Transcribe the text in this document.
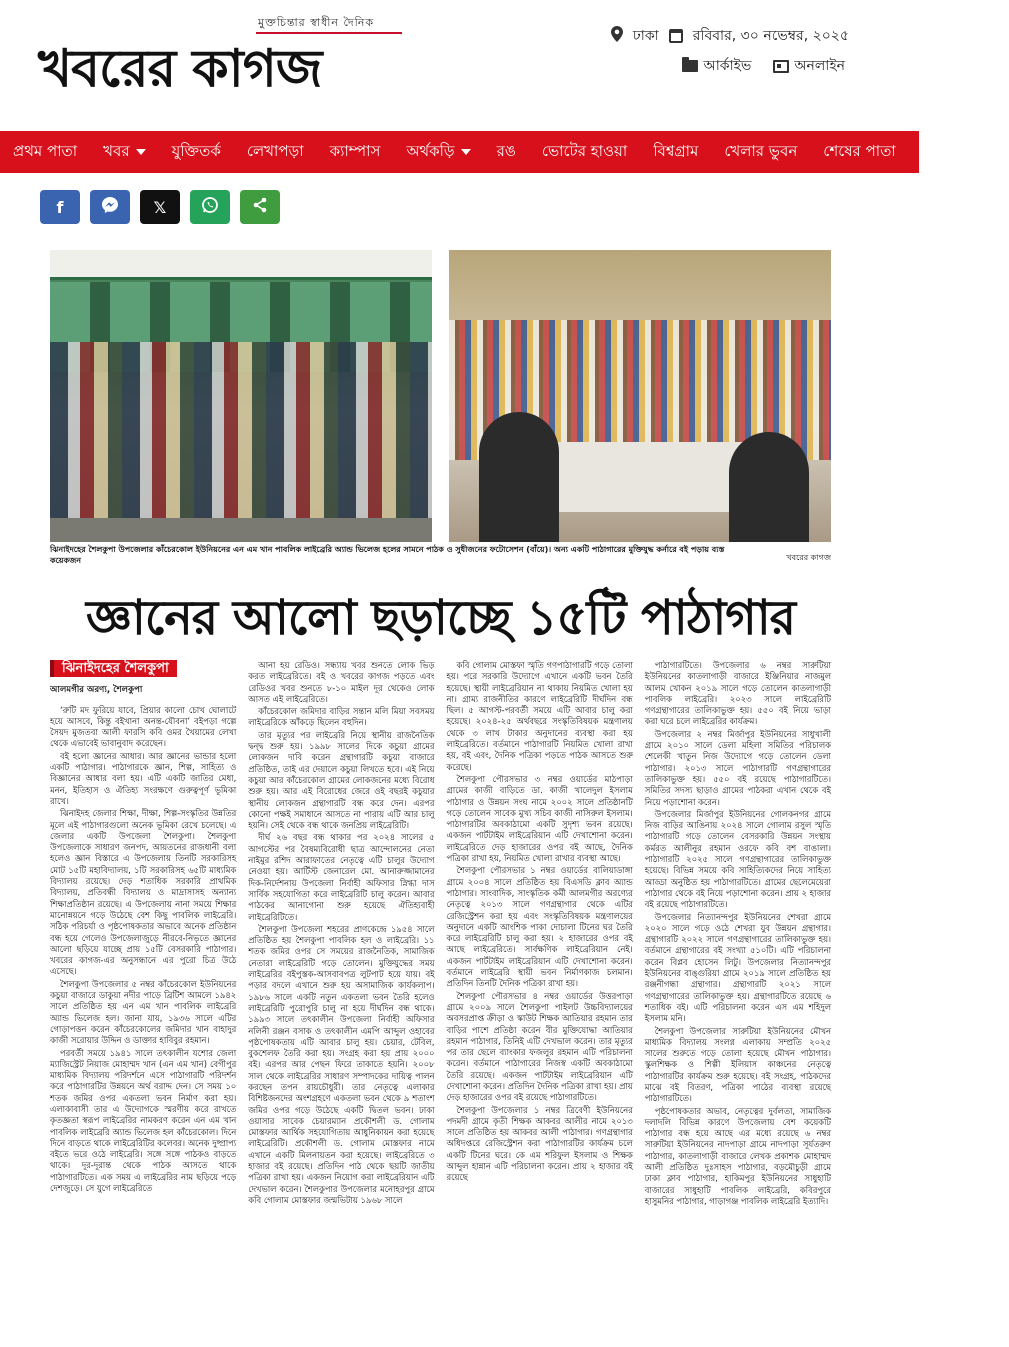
মুক্তচিন্তার স্বাধীন দৈনিক
খবরের কাগজ
ঢাকা রবিবার, ৩০ নভেম্বর, ২০২৫
আর্কাইভ	অনলাইন
প্রথম পাতা খবর	যুক্তিতর্ক লেখাপড়া ক্যাম্পাস অর্থকড়ি	রঙ ভোটের হাওয়া বিশ্বগ্রাম খেলার ভুবন শেষের পাতা রূপসী বাংলা
f	𝕏
ঝিনাইদহের শৈলকুপা উপজেলার কাঁচেরকোল ইউনিয়নের এন এম খান পাবলিক লাইব্রেরি অ্যান্ড ভিলেজ হলের সামনে পাঠক ও সুধীজনের ফটোসেশন (বাঁয়ে)। অন্য একটি পাঠাগারের মুক্তিযুদ্ধ কর্নারে বই পড়ায় ব্যস্ত কয়েকজন	খবরের কাগজ
জ্ঞানের আলো ছড়াচ্ছে ১৫টি পাঠাগার
ঝিনাইদহের শৈলকুপা
আলমগীর অরণ্য, শৈলকুপা

‘রুটি মদ ফুরিয়ে যাবে, প্রিয়ার কালো চোখ ঘোলাটে হয়ে আসবে, কিন্তু বইখানা অনন্ত-যৌবনা’ বইপড়া গল্পে সৈয়দ মুজতবা আলী ফারসি কবি ওমর খৈয়ামের লেখা থেকে এভাবেই ভাবানুবাদ করেছেন।

বই হলো জ্ঞানের আধার। আর জ্ঞানের ভান্ডার হলো একটি পাঠাগার। পাঠাগারকে জ্ঞান, শিল্প, সাহিত্য ও বিজ্ঞানের আধার বলা হয়। এটি একটি জাতির মেধা, মনন, ইতিহাস ও ঐতিহ্য সংরক্ষণে গুরুত্বপূর্ণ ভূমিকা রাখে।

ঝিনাইদহ জেলার শিক্ষা, দীক্ষা, শিল্প-সংস্কৃতির উন্নতির মূলে এই পাঠাগারগুলো অনেক ভূমিকা রেখে চলেছে। এ জেলার একটি উপজেলা শৈলকুপা। শৈলকুপা উপজেলাকে সাধারণ জনপদ, আয়তনের রাজধানী বলা হলেও জ্ঞান বিস্তারে এ উপজেলায় তিনটি সরকারিসহ মোট ১৫টি মহাবিদ্যালয়, ১টি সরকারিসহ ৬৫টি মাধ্যমিক বিদ্যালয় রয়েছে। দেড় শতাধিক সরকারি প্রাথমিক বিদ্যালয়, প্রতিবন্ধী বিদ্যালয় ও মাদ্রাসাসহ অন্যান্য শিক্ষাপ্রতিষ্ঠান রয়েছে। এ উপজেলায় নানা সময়ে শিক্ষার মানোন্নয়নে গড়ে উঠেছে বেশ কিছু পাবলিক লাইব্রেরি। সঠিক পরিচর্যা ও পৃষ্ঠপোষকতার অভাবে অনেক প্রতিষ্ঠান বন্ধ হয়ে গেলেও উপজেলাজুড়ে নীরবে-নিভৃতে জ্ঞানের আলো ছড়িয়ে যাচ্ছে প্রায় ১৫টি বেসরকারি পাঠাগার। খবরের কাগজ-এর অনুসন্ধানে এর পুরো চিত্র উঠে এসেছে।

শৈলকুপা উপজেলার ৫ নম্বর কাঁচেরকোল ইউনিয়নের কচুয়া বাজারে ডাকুয়া নদীর পাড়ে ব্রিটিশ আমলে ১৯৪২ সালে প্রতিষ্ঠিত হয় এন এম খান পাবলিক লাইব্রেরি অ্যান্ড ভিলেজ হল। জানা যায়, ১৯৩৬ সালে এটির গোড়াপত্তন করেন কাঁচেরকোলের জমিদার খান বাহাদুর কাজী সরোয়ার উদ্দিন ও ডাক্তার হাবিবুর রহমান।

পরবর্তী সময়ে ১৯৪১ সালে তৎকালীন যশোর জেলা ম্যাজিস্ট্রেট নিয়াজ মোহাম্মদ খান (এন এম খান) বেগীপুর মাধ্যমিক বিদ্যালয় পরিদর্শনে এসে পাঠাগারটি পরিদর্শন করে পাঠাগারটির উন্নয়নে অর্থ বরাদ্দ দেন। সে সময় ১০ শতক জমির ওপর একতলা ভবন নির্মাণ করা হয়। এলাকাবাসী তার এ উদ্যোগকে স্মরণীয় করে রাখতে কৃতজ্ঞতা স্বরূপ লাইব্রেরির নামকরণ করেন এন এম খান পাবলিক লাইব্রেরি অ্যান্ড ভিলেজ হল কাঁচেরকোল। দিনে দিনে বাড়তে থাকে লাইব্রেরিটির কলেবর। অনেক দুষ্প্রাপ্য বইতে ভরে ওঠে লাইব্রেরি। সঙ্গে সঙ্গে পাঠকও বাড়তে থাকে। দূর-দূরান্ত থেকে পাঠক আসতে থাকে পাঠাগারটিতে। এক সময় এ লাইব্রেরির নাম ছড়িয়ে পড়ে দেশজুড়ে। সে যুগে লাইব্রেরিতে

আনা হয় রেডিও। সন্ধ্যায় খবর শুনতে লোক ভিড় করত লাইব্রেরিতে। বই ও খবরের কাগজ পড়তে এবং রেডিওর খবর শুনতে ৮-১০ মাইল দূর থেকেও লোক আসত এই লাইব্রেরিতে।

কাঁচেরকোল জমিদার বাড়ির সন্তান মলি মিয়া সবসময় লাইব্রেরিকে আঁকড়ে ছিলেন বহুদিন।

তার মৃত্যুর পর লাইব্রেরি নিয়ে স্থানীয় রাজনৈতিক দ্বন্দ্ব শুরু হয়। ১৯৯৮ সালের দিকে কচুয়া গ্রামের লোকজন দাবি করেন গ্রন্থাগারটি কচুয়া বাজারে প্রতিষ্ঠিত, তাই এর দেয়ালে কচুয়া লিখতে হবে। এই নিয়ে কচুয়া আর কাঁচেরকোল গ্রামের লোকজনের মধ্যে বিরোধ শুরু হয়। আর এই বিরোধের জেরে ওই বছরই কচুয়ার স্থানীয় লোকজন গ্রন্থাগারটি বন্ধ করে দেন। এরপর কোনো পক্ষই সমাধানে আসতে না পারায় এটি আর চালু হয়নি। সেই থেকে বন্ধ থাকে জনপ্রিয় লাইব্রেরিটি।

দীর্ঘ ২৬ বছর বন্ধ থাকার পর ২০২৪ সালের ৫ আগস্টের পর বৈষম্যবিরোধী ছাত্র আন্দোলনের নেতা নাইমুর রশিদ আরাফাতের নেতৃত্বে এটি চালুর উদ্যোগ নেওয়া হয়। আর্টিস্ট জেনারেল মো. আনারুজ্জামানের দিক-নির্দেশনায় উপজেলা নির্বাহী অফিসার স্নিগ্ধা দাস সার্বিক সহযোগিতা করে লাইব্রেরিটি চালু করেন। আবার পাঠকের আনাগোনা শুরু হয়েছে ঐতিহ্যবাহী লাইব্রেরিটিতে।

শৈলকুপা উপজেলা শহরের প্রাণকেন্দ্রে ১৯৫৪ সালে প্রতিষ্ঠিত হয় শৈলকুপা পাবলিক হল ও লাইব্রেরি। ১১ শতক জমির ওপর সে সময়ের রাজনৈতিক, সামাজিক নেতারা লাইব্রেরিটি গড়ে তোলেন। মুক্তিযুদ্ধের সময় লাইব্রেরির বইপুস্তক-আসবাবপত্র লুটপাট হয়ে যায়। বই পড়ার বদলে এখানে শুরু হয় অসামাজিক কার্যকলাপ। ১৯৮৬ সালে একটি নতুন একতলা ভবন তৈরি হলেও লাইব্রেরিটি পুরোপুরি চালু না হয়ে দীর্ঘদিন বন্ধ থাকে। ১৯৯৩ সালে তৎকালীন উপজেলা নির্বাহী অফিসার নলিনী রঞ্জন বসাক ও তৎকালীন এমপি আব্দুল ওহাবের পৃষ্ঠপোষকতায় এটি আবার চালু হয়। চেয়ার, টেবিল, বুকশেলফ তৈরি করা হয়। সংগ্রহ করা হয় প্রায় ২০০০ বই। এরপর আর পেছন ফিরে তাকাতে হয়নি। ২০০৮ সাল থেকে লাইব্রেরির সাধারণ সম্পাদকের দায়িত্ব পালন করছেন তপন রায়চৌধুরী। তার নেতৃত্বে এলাকার বিশিষ্টজনদের অংশগ্রহণে একতলা ভবন থেকে ৯ শতাংশ জমির ওপর গড়ে উঠেছে একটি দ্বিতল ভবন। ঢাকা ওয়াসার সাবেক চেয়ারম্যান প্রকৌশলী ড. গোলাম মোস্তফার আর্থিক সহযোগিতায় আধুনিকায়ন করা হয়েছে লাইব্রেরিটি। প্রকৌশলী ড. গোলাম মোস্তফার নামে এখানে একটি মিলনায়তন করা হয়েছে। লাইব্রেরিতে ৩ হাজার বই রয়েছে। প্রতিদিন পাঠ থেকে ছয়টি জাতীয় পত্রিকা রাখা হয়। একজন নিয়োগ করা লাইব্রেরিয়ান এটি দেখভাল করেন। শৈলকুপার উপজেলার মনোহরপুর গ্রামে কবি গোলাম মোস্তফার জন্মভিটায় ১৯৬৮ সালে

কবি গোলাম মোস্তফা স্মৃতি গণপাঠাগারটি গড়ে তোলা হয়। পরে সরকারি উদ্যোগে এখানে একটি ভবন তৈরি হয়েছে। স্থায়ী লাইব্রেরিয়ান না থাকায় নিয়মিত খোলা হয় না। গ্রাম্য রাজনীতির কারণে লাইব্রেরিটি দীর্ঘদিন বন্ধ ছিল। ৫ আগস্ট-পরবর্তী সময়ে এটি আবার চালু করা হয়েছে। ২০২৪-২৫ অর্থবছরে সংস্কৃতিবিষয়ক মন্ত্রণালয় থেকে ৩ লাখ টাকার অনুদানের ব্যবস্থা করা হয় লাইব্রেরিতে। বর্তমানে পাঠাগারটি নিয়মিত খোলা রাখা হয়, বই এবং, দৈনিক পত্রিকা পড়তে পাঠক আসতে শুরু করেছে।

শৈলকুপা পৌরসভার ৩ নম্বর ওয়ার্ডের মাঠপাড়া গ্রামের কাজী বাড়িতে ডা. কাজী খালেদুল ইসলাম পাঠাগার ও উন্নয়ন সংঘ নামে ২০০২ সালে প্রতিষ্ঠানটি গড়ে তোলেন সাবেক মুখ্য সচিব কাজী নাসিরুল ইসলাম। পাঠাগারটির অবকাঠামো একটি সুদৃশ্য ভবন রয়েছে। একজন পার্টটাইম লাইব্রেরিয়ান এটি দেখাশোনা করেন। লাইব্রেরিতে দেড় হাজারের ওপর বই আছে, দৈনিক পত্রিকা রাখা হয়, নিয়মিত খোলা রাখার ব্যবস্থা আছে।

শৈলকুপা পৌরসভার ১ নম্বর ওয়ার্ডের বালিয়াডাঙ্গা গ্রামে ২০০৪ সালে প্রতিষ্ঠিত হয় বিএসডি ক্লাব অ্যান্ড পাঠাগার। সাংবাদিক, সাংস্কৃতিক কর্মী আলমগীর অরণ্যের নেতৃত্বে ২০১৩ সালে গণগ্রন্থাগার থেকে এটির রেজিস্ট্রেশন করা হয় এবং সংস্কৃতিবিষয়ক মন্ত্রণালয়ের অনুদানে একটি আংশিক পাকা দোচালা টিনের ঘর তৈরি করে লাইব্রেরিটি চালু করা হয়। ২ হাজারের ওপর বই আছে লাইব্রেরিতে। সার্বক্ষণিক লাইব্রেরিয়ান নেই। একজন পার্টটাইম লাইব্রেরিয়ান এটি দেখাশোনা করেন। বর্তমানে লাইব্রেরি স্থায়ী ভবন নির্মাণকাজ চলমান। প্রতিদিন তিনটি দৈনিক পত্রিকা রাখা হয়।

শৈলকুপা পৌরসভার ৪ নম্বর ওয়ার্ডের উত্তরপাড়া গ্রামে ২০০৯ সালে শৈলকুপা পাইলট উচ্চবিদ্যালয়ের অবসরপ্রাপ্ত ক্রীড়া ও স্কাউট শিক্ষক আতিয়ার রহমান তার বাড়ির পাশে প্রতিষ্ঠা করেন বীর মুক্তিযোদ্ধা আতিয়ার রহমান পাঠাগার, তিনিই এটি দেখভাল করেন। তার মৃত্যুর পর তার ছেলে ব্যাংকার ফজলুর রহমান এটি পরিচালনা করেন। বর্তমানে পাঠাগারের নিজস্ব একটি অবকাঠামো তৈরি রয়েছে। একজন পার্টটাইম লাইব্রেরিয়ান এটি দেখাশোনা করেন। প্রতিদিন দৈনিক পত্রিকা রাখা হয়। প্রায় দেড় হাজারের ওপর বই রয়েছে পাঠাগারটিতে।

শৈলকুপা উপজেলার ১ নম্বর ত্রিবেণী ইউনিয়নের পদমদী গ্রামে কৃতী শিক্ষক আকবর আলীর নামে ২০১৩ সালে প্রতিষ্ঠিত হয় আকবর আলী পাঠাগার। গণগ্রন্থাগার অধিদপ্তরে রেজিস্ট্রেশন করা পাঠাগারটির কার্যক্রম চলে একটি টিনের ঘরে। কে এম শরিফুল ইসলাম ও শিক্ষক আব্দুল হান্নান এটি পরিচালনা করেন। প্রায় ২ হাজার বই রয়েছে

পাঠাগারটিতে। উপজেলার ৬ নম্বর সারুটিয়া ইউনিয়নের কাতলাগাড়ী বাজারে ইঞ্জিনিয়ার নাজমুল আলম খোকন ২০১৯ সালে গড়ে তোলেন কাতলাগাড়ী পাবলিক লাইব্রেরি। ২০২৩ সালে লাইব্রেরিটি গণগ্রন্থাগারের তালিকাভুক্ত হয়। ৫৫০ বই নিয়ে ভাড়া করা ঘরে চলে লাইব্রেরির কার্যক্রম।

উপজেলার ২ নম্বর মির্জাপুর ইউনিয়নের সাধুখালী গ্রামে ২০১০ সালে ডেলা মহিলা সমিতির পরিচালক শেলেকী খাতুন নিজ উদ্যোগে গড়ে তোলেন ডেলা পাঠাগার। ২০১৩ সালে পাঠাগারটি গণগ্রন্থাগারের তালিকাভুক্ত হয়। ৫৫০ বই রয়েছে পাঠাগারটিতে। সমিতির সদস্য ছাড়াও গ্রামের পাঠকরা এখান থেকে বই নিয়ে পড়াশোনা করেন।

উপজেলার মির্জাপুর ইউনিয়নের গোলকনগর গ্রামে নিজ বাড়ির আঙিনায় ২০২৪ সালে গোলাম রসুল স্মৃতি পাঠাগারটি গড়ে তোলেন বেসরকারি উন্নয়ন সংস্থায় কর্মরত আলীনুর রহমান ওরফে কবি বশ বাঙালা। পাঠাগারটি ২০২৫ সালে গণগ্রন্থাগারের তালিকাভুক্ত হয়েছে। বিভিন্ন সময়ে কবি সাহিত্যিকদের নিয়ে সাহিত্য আড্ডা অনুষ্ঠিত হয় পাঠাগারটিতে। গ্রামের ছেলেমেয়েরা পাঠাগার থেকে বই নিয়ে পড়াশোনা করেন। প্রায় ২ হাজার বই রয়েছে পাঠাগারটিতে।

উপজেলার নিত্যানন্দপুর ইউনিয়নের শেখরা গ্রামে ২০২০ সালে গড়ে ওঠে শেখরা যুব উন্নয়ন গ্রন্থাগার। গ্রন্থাগারটি ২০২২ সালে গণগ্রন্থাগারের তালিকাভুক্ত হয়। বর্তমানে গ্রন্থাগারের বই সংখ্যা ৫১০টি। এটি পরিচালনা করেন বিপ্লব হোসেন লিটু। উপজেলার নিত্যানন্দপুর ইউনিয়নের বাঙ্গুরিয়া গ্রামে ২০১৯ সালে প্রতিষ্ঠিত হয় রঞ্জনীগন্ধা গ্রন্থাগার। গ্রন্থাগারটি ২০২১ সালে গণগ্রন্থাগারের তালিকাভুক্ত হয়। গ্রন্থাগারটিতে রয়েছে ৬ শতাধিক বই। এটি পরিচালনা করেন এস এম শহিদুল ইসলাম মনি।

শৈলকুপা উপজেলার সারুটিয়া ইউনিয়নের মৌখন মাধ্যমিক বিদ্যালয় সংলগ্ন এলাকায় সম্প্রতি ২০২৫ সালের শুরুতে গড়ে তোলা হয়েছে মৌখন পাঠাগার। স্কুলশিক্ষক ও শিল্পী ইলিয়াস কাঞ্চনের নেতৃত্বে পাঠাগারটির কার্যক্রম শুরু হয়েছে। বই সংগ্রহ, পাঠকদের মাঝে বই বিতরণ, পত্রিকা পাঠের ব্যবস্থা রয়েছে পাঠাগারটিতে।

পৃষ্ঠপোষকতার অভাব, নেতৃত্বের দুর্বলতা, সামাজিক দলাদলি বিভিন্ন কারণে উপজেলায় বেশ কয়েকটি পাঠাগার বন্ধ হয়ে আছে এর মধ্যে রয়েছে ৬ নম্বর সারুটিয়া ইউনিয়নের নাদপাড়া গ্রামে নাদপাড়া সূর্যতরুণ পাঠাগার, কাতলাগাড়ী বাজারে লেখক প্রকাশক মোহাম্মদ আলী প্রতিষ্ঠিত দুঃসাহস পাঠাগার, বড়মৌচুড়ী গ্রামে ঢাকা ক্লাব পাঠাগার, হাকিমপুর ইউনিয়নের সাধুহাটি বাজারের সাধুহাটি পাবলিক লাইব্রেরি, কবিরপুরে হাসুমনির পাঠাগার, গাড়াগঞ্জ পাবলিক লাইব্রেরি ইত্যাদি।
